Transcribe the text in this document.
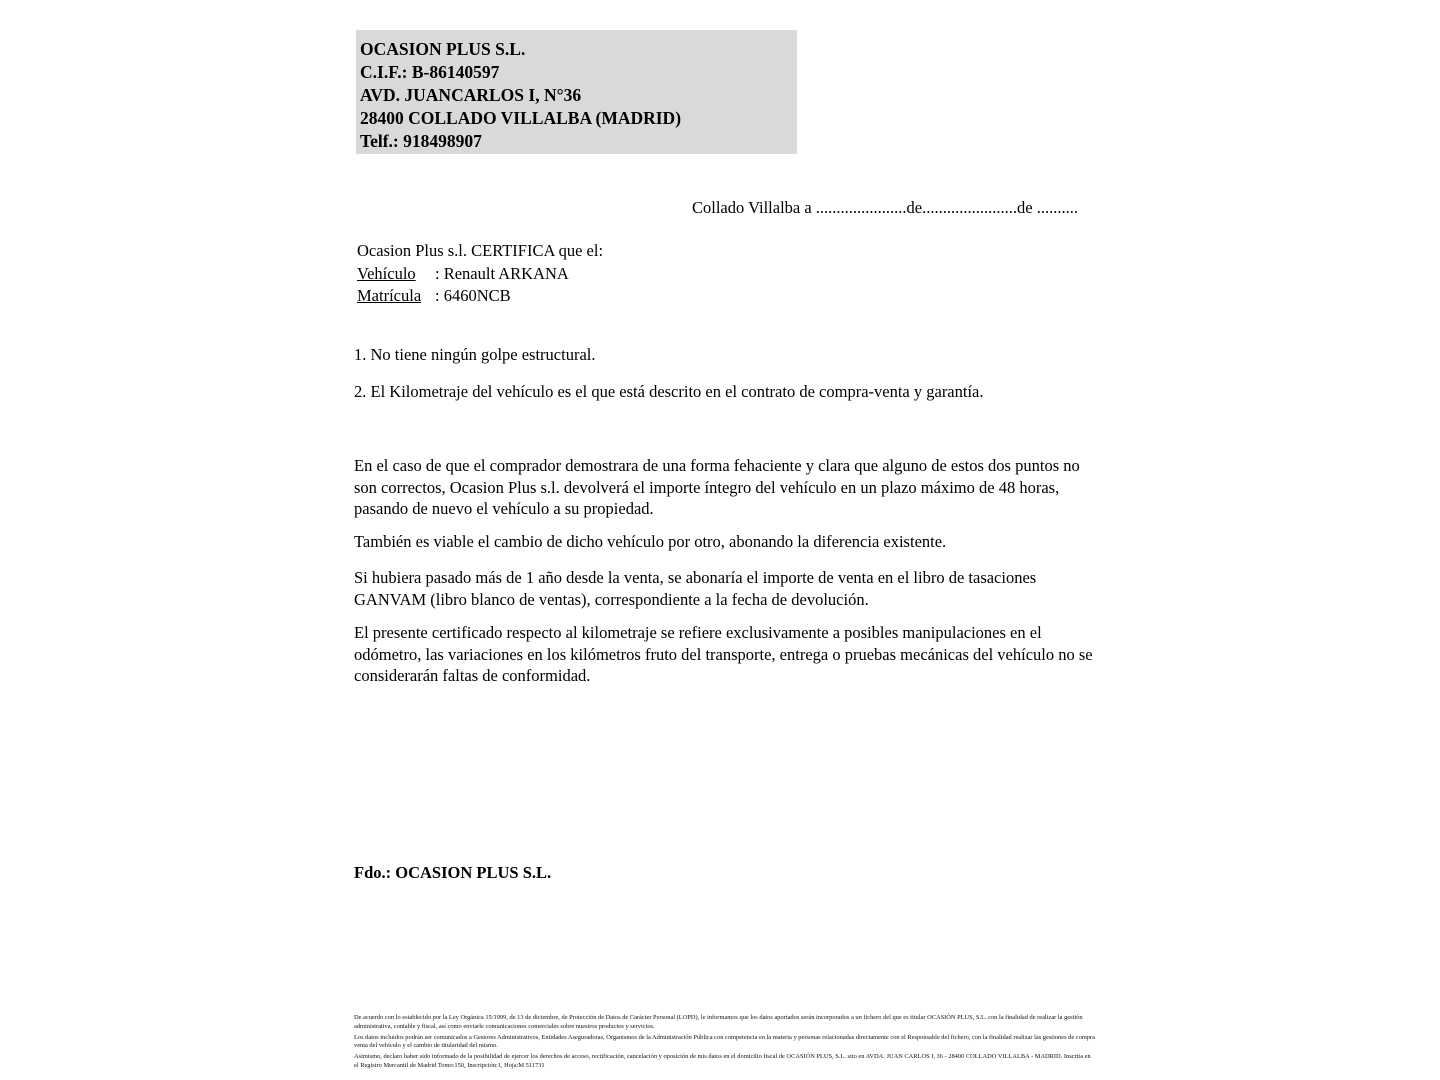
OCASION PLUS S.L.
C.I.F.: B-86140597
AVD. JUANCARLOS I, N°36
28400 COLLADO VILLALBA (MADRID)
Telf.: 918498907
Collado Villalba a ......................de.......................de ..........
Ocasion Plus s.l. CERTIFICA que el:
Vehículo : Renault ARKANA
Matrícula : 6460NCB
1. No tiene ningún golpe estructural.
2. El Kilometraje del vehículo es el que está descrito en el contrato de compra-venta y garantía.
En el caso de que el comprador demostrara de una forma fehaciente y clara que alguno de estos dos puntos no son correctos, Ocasion Plus s.l. devolverá el importe íntegro del vehículo en un plazo máximo de 48 horas, pasando de nuevo el vehículo a su propiedad.
También es viable el cambio de dicho vehículo por otro, abonando la diferencia existente.
Si hubiera pasado más de 1 año desde la venta, se abonaría el importe de venta en el libro de tasaciones GANVAM (libro blanco de ventas), correspondiente a la fecha de devolución.
El presente certificado respecto al kilometraje se refiere exclusivamente a posibles manipulaciones en el odómetro, las variaciones en los kilómetros fruto del transporte, entrega o pruebas mecánicas del vehículo no se considerarán faltas de conformidad.
Fdo.: OCASION PLUS S.L.

De acuerdo con lo establecido por la Ley Orgánica 15/1999, de 13 de diciembre, de Protección de Datos de Carácter Personal (LOPD), le informamos que los datos aportados serán incorporados a un fichero del que es titular OCASIÓN PLUS, S.L. con la finalidad de realizar la gestión administrativa, contable y fiscal, así como enviarle comunicaciones comerciales sobre nuestros productos y servicios.

Los datos incluidos podrán ser comunicados a Gestores Administrativos, Entidades Aseguradoras, Organismos de la Administración Pública con competencia en la materia y personas relacionadas directamente con el Responsable del fichero, con la finalidad realizar las gestiones de compra venta del vehículo y el cambio de titularidad del mismo.

Asimismo, declaro haber sido informado de la posibilidad de ejercer los derechos de acceso, rectificación, cancelación y oposición de mis datos en el domicilio fiscal de OCASIÓN PLUS, S.L. sito en AVDA. JUAN CARLOS I, 36 - 28400 COLLADO VILLALBA - MADRID. Inscrita en el Registro Mercantil de Madrid Tomo:150, Inscripción:1, Hoja:M 511731
